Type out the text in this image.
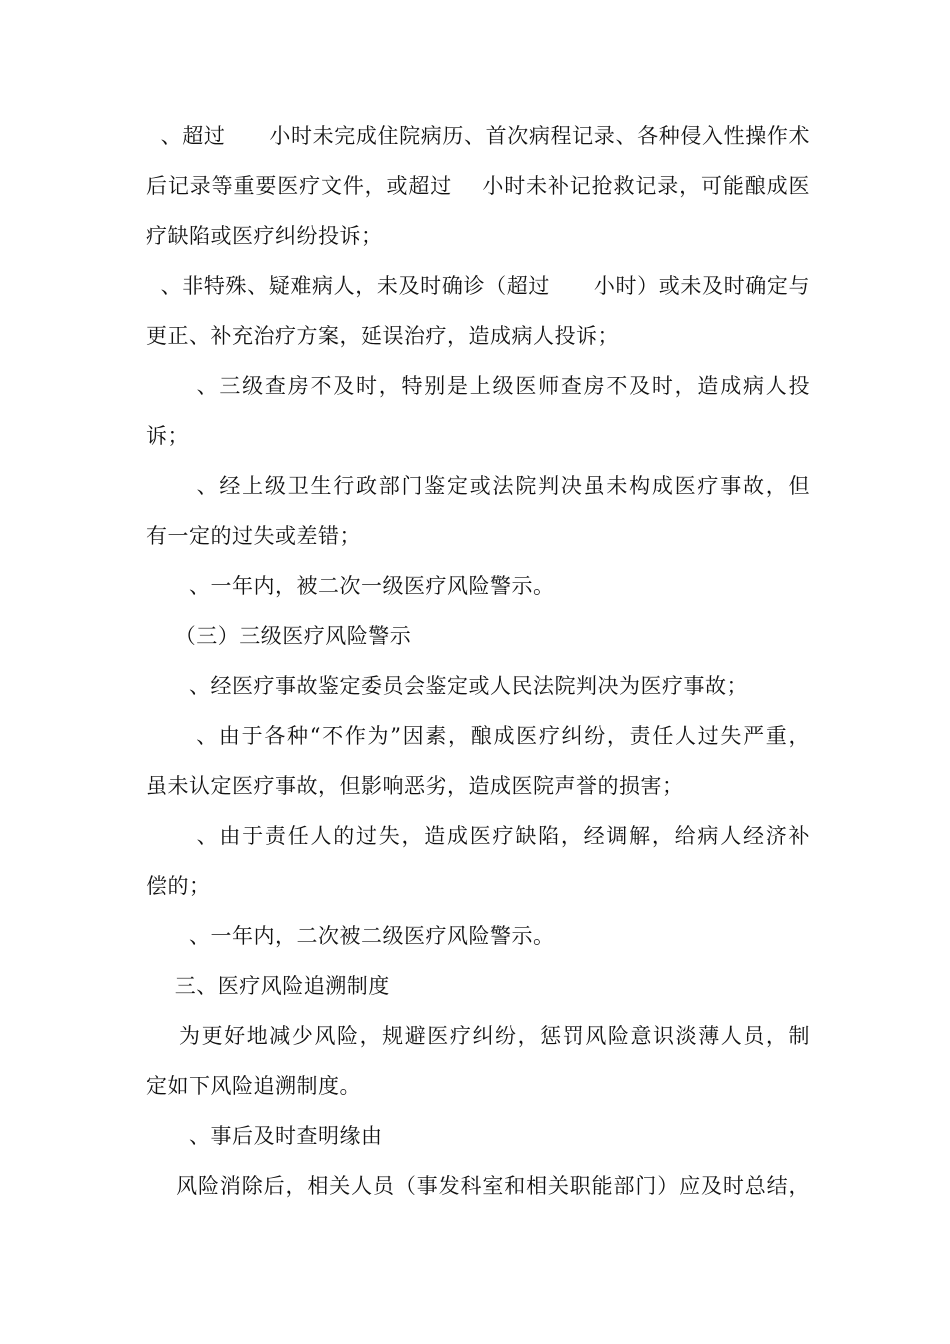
、超过      小时未完成住院病历、首次病程记录、各种侵入性操作术
后记录等重要医疗文件，或超过    小时未补记抢救记录，可能酿成医
疗缺陷或医疗纠纷投诉；
、非特殊、疑难病人，未及时确诊（超过      小时）或未及时确定与
更正、补充治疗方案，延误治疗，造成病人投诉；
、三级查房不及时，特别是上级医师查房不及时，造成病人投
诉；
、经上级卫生行政部门鉴定或法院判决虽未构成医疗事故，但
有一定的过失或差错；
、一年内，被二次一级医疗风险警示。
（三）三级医疗风险警示
、经医疗事故鉴定委员会鉴定或人民法院判决为医疗事故；
、由于各种“不作为”因素，酿成医疗纠纷，责任人过失严重，
虽未认定医疗事故，但影响恶劣，造成医院声誉的损害；
、由于责任人的过失，造成医疗缺陷，经调解，给病人经济补
偿的；
、一年内，二次被二级医疗风险警示。
三、医疗风险追溯制度
为更好地减少风险，规避医疗纠纷，惩罚风险意识淡薄人员，制
定如下风险追溯制度。
、事后及时查明缘由
风险消除后，相关人员（事发科室和相关职能部门）应及时总结，
